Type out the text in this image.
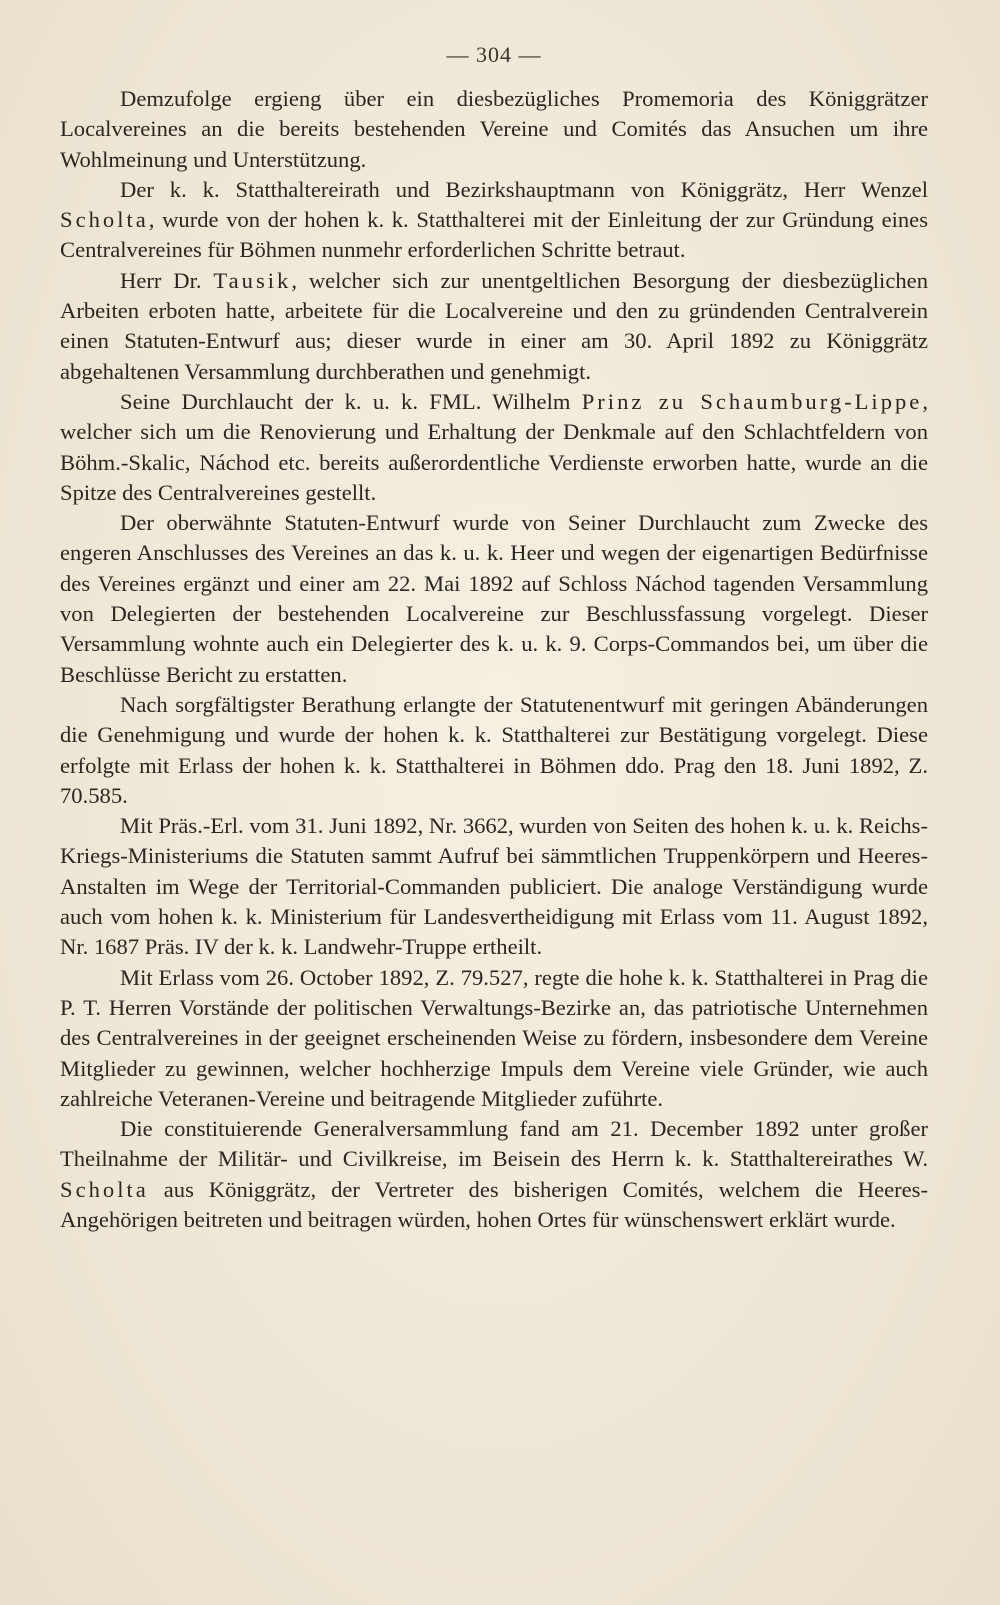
— 304 —

Demzufolge ergieng über ein diesbezügliches Promemoria des Königgrätzer Localvereines an die bereits bestehenden Vereine und Comités das Ansuchen um ihre Wohlmeinung und Unterstützung.

Der k. k. Statthaltereirath und Bezirkshauptmann von Königgrätz, Herr Wenzel Scholta, wurde von der hohen k. k. Statthalterei mit der Einleitung der zur Gründung eines Centralvereines für Böhmen nunmehr erforderlichen Schritte betraut.

Herr Dr. Tausik, welcher sich zur unentgeltlichen Besorgung der diesbezüglichen Arbeiten erboten hatte, arbeitete für die Localvereine und den zu gründenden Centralverein einen Statuten-Entwurf aus; dieser wurde in einer am 30. April 1892 zu Königgrätz abgehaltenen Versammlung durchberathen und genehmigt.

Seine Durchlaucht der k. u. k. FML. Wilhelm Prinz zu Schaumburg-Lippe, welcher sich um die Renovierung und Erhaltung der Denkmale auf den Schlachtfeldern von Böhm.-Skalic, Náchod etc. bereits außerordentliche Verdienste erworben hatte, wurde an die Spitze des Centralvereines gestellt.

Der oberwähnte Statuten-Entwurf wurde von Seiner Durchlaucht zum Zwecke des engeren Anschlusses des Vereines an das k. u. k. Heer und wegen der eigenartigen Bedürfnisse des Vereines ergänzt und einer am 22. Mai 1892 auf Schloss Náchod tagenden Versammlung von Delegierten der bestehenden Localvereine zur Beschlussfassung vorgelegt. Dieser Versammlung wohnte auch ein Delegierter des k. u. k. 9. Corps-Commandos bei, um über die Beschlüsse Bericht zu erstatten.

Nach sorgfältigster Berathung erlangte der Statutenentwurf mit geringen Abänderungen die Genehmigung und wurde der hohen k. k. Statthalterei zur Bestätigung vorgelegt. Diese erfolgte mit Erlass der hohen k. k. Statthalterei in Böhmen ddo. Prag den 18. Juni 1892, Z. 70.585.

Mit Präs.-Erl. vom 31. Juni 1892, Nr. 3662, wurden von Seiten des hohen k. u. k. Reichs-Kriegs-Ministeriums die Statuten sammt Aufruf bei sämmtlichen Truppenkörpern und Heeres-Anstalten im Wege der Territorial-Commanden publiciert. Die analoge Verständigung wurde auch vom hohen k. k. Ministerium für Landesvertheidigung mit Erlass vom 11. August 1892, Nr. 1687 Präs. IV der k. k. Landwehr-Truppe ertheilt.

Mit Erlass vom 26. October 1892, Z. 79.527, regte die hohe k. k. Statthalterei in Prag die P. T. Herren Vorstände der politischen Verwaltungs-Bezirke an, das patriotische Unternehmen des Centralvereines in der geeignet erscheinenden Weise zu fördern, insbesondere dem Vereine Mitglieder zu gewinnen, welcher hochherzige Impuls dem Vereine viele Gründer, wie auch zahlreiche Veteranen-Vereine und beitragende Mitglieder zuführte.

Die constituierende Generalversammlung fand am 21. December 1892 unter großer Theilnahme der Militär- und Civilkreise, im Beisein des Herrn k. k. Statthaltereirathes W. Scholta aus Königgrätz, der Vertreter des bisherigen Comités, welchem die Heeres-Angehörigen beitreten und beitragen würden, hohen Ortes für wünschenswert erklärt wurde.
